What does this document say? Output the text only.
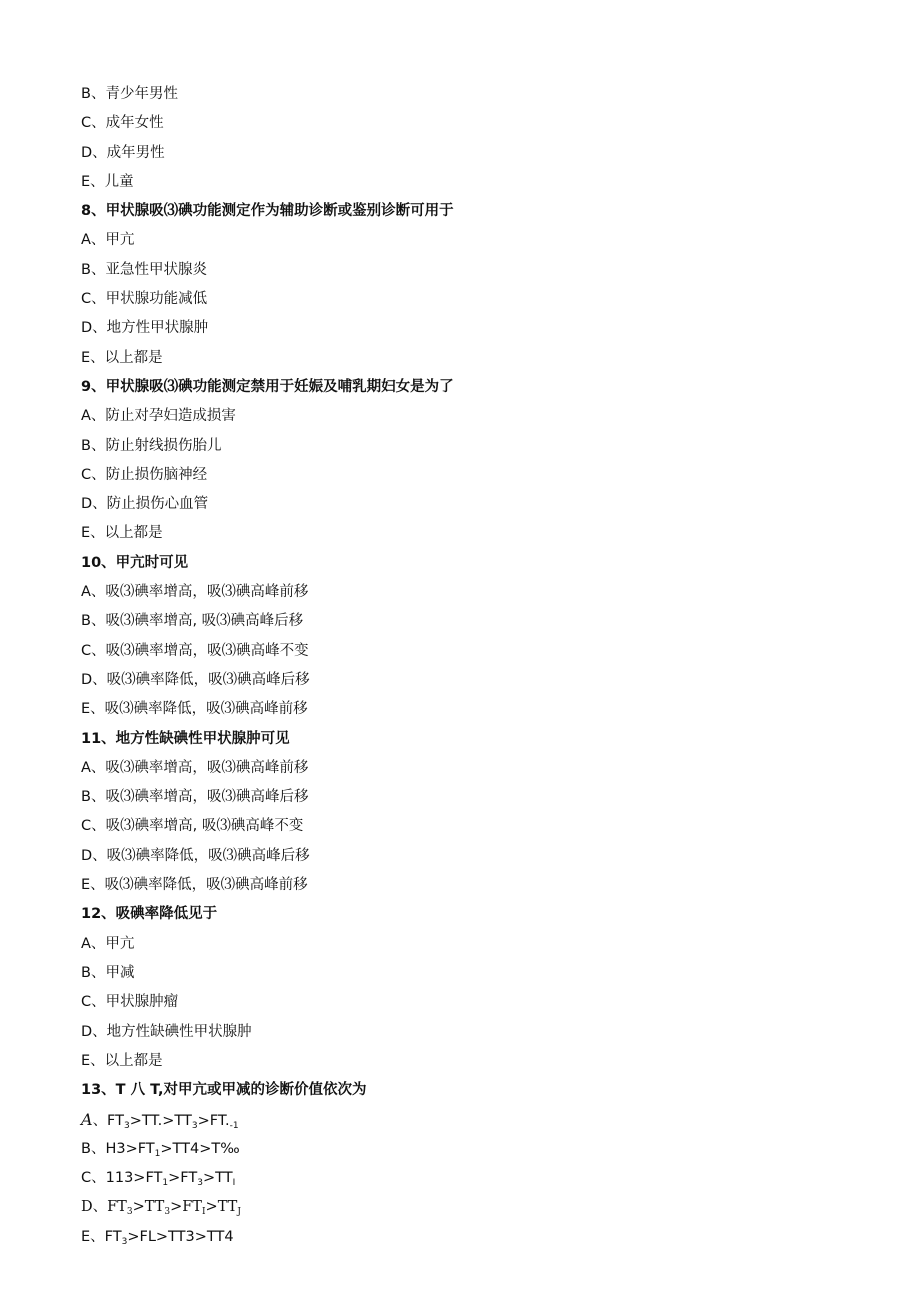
B、青少年男性
C、成年女性
D、成年男性
E、儿童
8、甲状腺吸⑶碘功能测定作为辅助诊断或鉴别诊断可用于
A、甲亢
B、亚急性甲状腺炎
C、甲状腺功能减低
D、地方性甲状腺肿
E、以上都是
9、甲状腺吸⑶碘功能测定禁用于妊娠及哺乳期妇女是为了
A、防止对孕妇造成损害
B、防止射线损伤胎儿
C、防止损伤脑神经
D、防止损伤心血管
E、以上都是
10、甲亢时可见
A、吸⑶碘率增高，吸⑶碘高峰前移
B、吸⑶碘率增高, 吸⑶碘高峰后移
C、吸⑶碘率增高，吸⑶碘高峰不变
D、吸⑶碘率降低，吸⑶碘高峰后移
E、吸⑶碘率降低，吸⑶碘高峰前移
11、地方性缺碘性甲状腺肿可见
A、吸⑶碘率增高，吸⑶碘高峰前移
B、吸⑶碘率增高，吸⑶碘高峰后移
C、吸⑶碘率增高, 吸⑶碘高峰不变
D、吸⑶碘率降低，吸⑶碘高峰后移
E、吸⑶碘率降低，吸⑶碘高峰前移
12、吸碘率降低见于
A、甲亢
B、甲减
C、甲状腺肿瘤
D、地方性缺碘性甲状腺肿
E、以上都是
13、T 八 T,对甲亢或甲减的诊断价值依次为
A、$FT_3>TT.>TT_3>FT._{-1}$
B、$H3>FT_1>TT4>T‰$
C、$113>FT_1>FT_3>TT_I$
D、$FT_3>TT_3>FT_I>TT_J$
E、$FT_3>FL>TT3>TT4$
